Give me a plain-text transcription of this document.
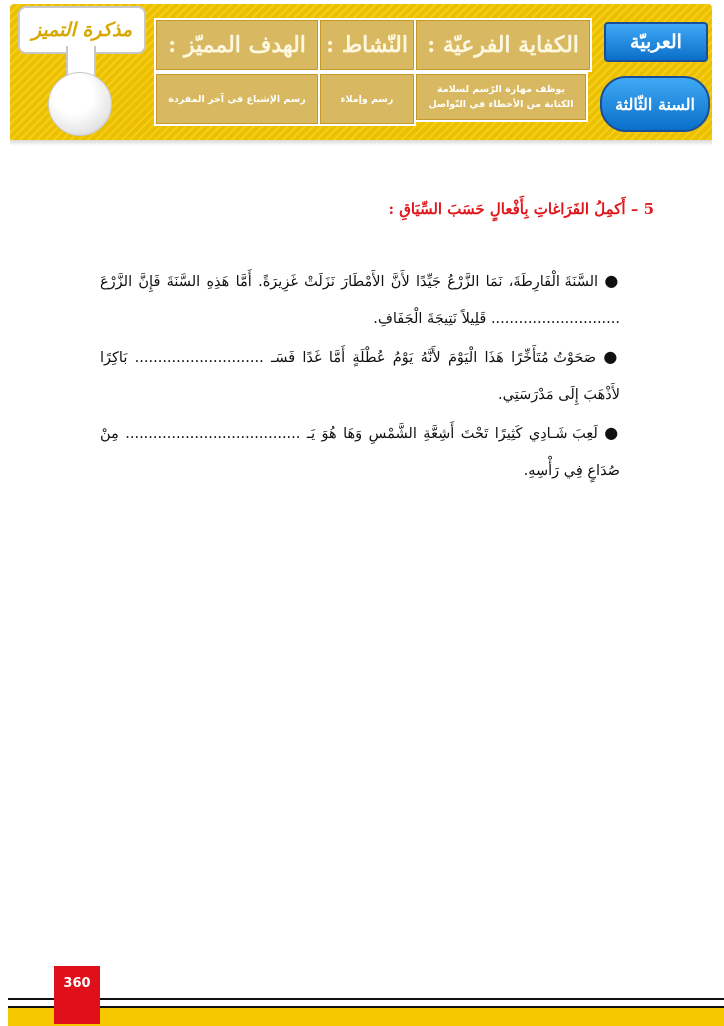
مذكرة التميز
العربيّة
السنة الثّالثة
الكفاية الفرعيّة :
النّشاط :
الهدف المميّز :
يوظف مهارة الرّسم لسلامة الكتابة من الأخطاء في التّواصل
رسم وإملاء
رسم الإشباع في آخر المفردة
5 – أَكمِلُ الفَرَاغاتِ بِأَفْعالٍ حَسَبَ السِّيَاقِ :

● السَّنَةَ الْفَارِطَةَ، نَمَا الزَّرْعُ جَيِّدًا لأَنَّ الأَمْطَارَ نَزَلَتْ غَزِيرَةً. أَمَّا هَذِهِ السَّنَةَ فَإِنَّ الزَّرْعَ ............................ قَلِيلاً نَتِيجَةَ الْجَفَافِ.

● صَحَوْتُ مُتَأَخِّرًا هَذَا الْيَوْمَ لأَنَّهُ يَوْمُ عُطْلَةٍ أَمَّا غَدًا فَسَـ ............................ بَاكِرًا لأَذْهَبَ إِلَى مَدْرَسَتِي.

● لَعِبَ شَـادِي كَثِيرًا تَحْتَ أَشِعَّةِ الشَّمْسِ وَهَا هُوَ يَـ ...................................... مِنْ صُدَاعٍ فِي رَأْسِهِ.

360
